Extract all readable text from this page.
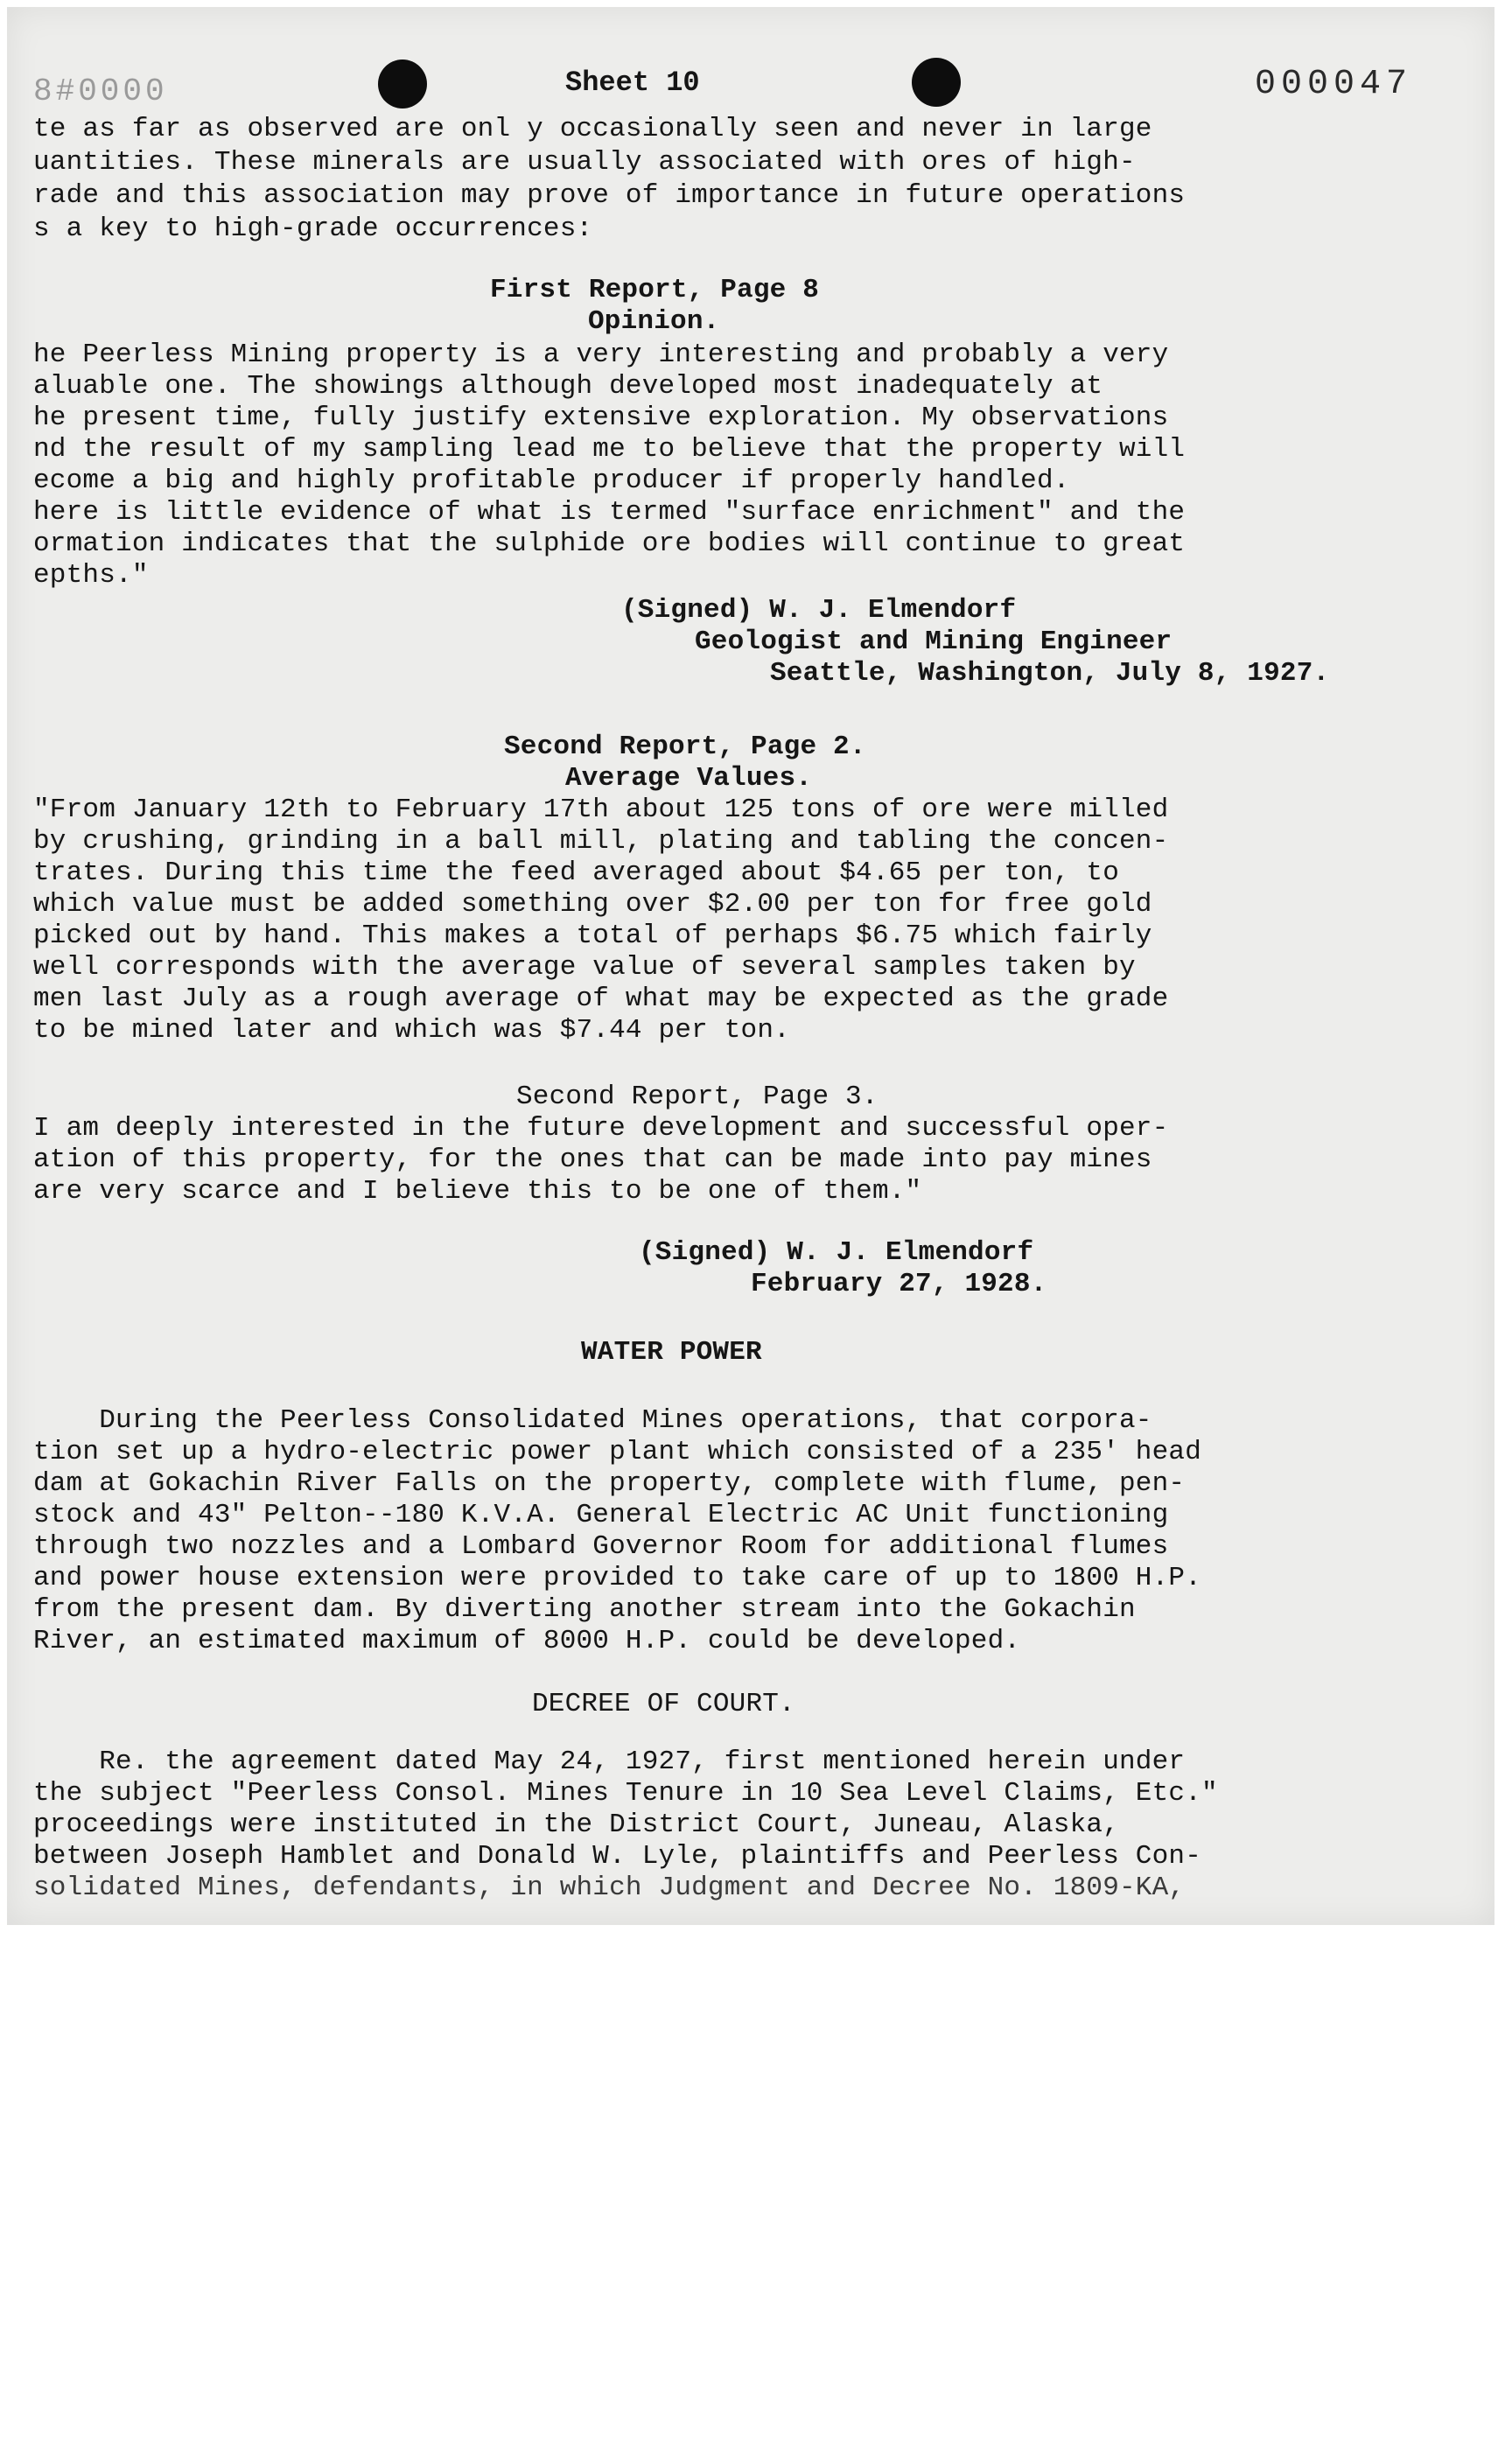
8#0000	Sheet 10	000047
te as far as observed are onl y occasionally seen and never in large
uantities. These minerals are usually associated with ores of high-
rade and this association may prove of importance in future operations
s a key to high-grade occurrences:
First Report, Page 8
Opinion.
he Peerless Mining property is a very interesting and probably a very
aluable one. The showings although developed most inadequately at
he present time, fully justify extensive exploration. My observations
nd the result of my sampling lead me to believe that the property will
ecome a big and highly profitable producer if properly handled.
here is little evidence of what is termed "surface enrichment" and the
ormation indicates that the sulphide ore bodies will continue to great
epths."
(Signed) W. J. Elmendorf
Geologist and Mining Engineer
Seattle, Washington, July 8, 1927.
Second Report, Page 2.
Average Values.
"From January 12th to February 17th about 125 tons of ore were milled
by crushing, grinding in a ball mill, plating and tabling the concen-
trates. During this time the feed averaged about $4.65 per ton, to
which value must be added something over $2.00 per ton for free gold
picked out by hand. This makes a total of perhaps $6.75 which fairly
well corresponds with the average value of several samples taken by
men last July as a rough average of what may be expected as the grade
to be mined later and which was $7.44 per ton.
Second Report, Page 3.
I am deeply interested in the future development and successful oper-
ation of this property, for the ones that can be made into pay mines
are very scarce and I believe this to be one of them."
(Signed) W. J. Elmendorf
February 27, 1928.
WATER POWER
During the Peerless Consolidated Mines operations, that corpora-
tion set up a hydro-electric power plant which consisted of a 235' head
dam at Gokachin River Falls on the property, complete with flume, pen-
stock and 43" Pelton--180 K.V.A. General Electric AC Unit functioning
through two nozzles and a Lombard Governor Room for additional flumes
and power house extension were provided to take care of up to 1800 H.P.
from the present dam. By diverting another stream into the Gokachin
River, an estimated maximum of 8000 H.P. could be developed.
DECREE OF COURT.
Re. the agreement dated May 24, 1927, first mentioned herein under
the subject "Peerless Consol. Mines Tenure in 10 Sea Level Claims, Etc."
proceedings were instituted in the District Court, Juneau, Alaska,
between Joseph Hamblet and Donald W. Lyle, plaintiffs and Peerless Con-
solidated Mines, defendants, in which Judgment and Decree No. 1809-KA,
